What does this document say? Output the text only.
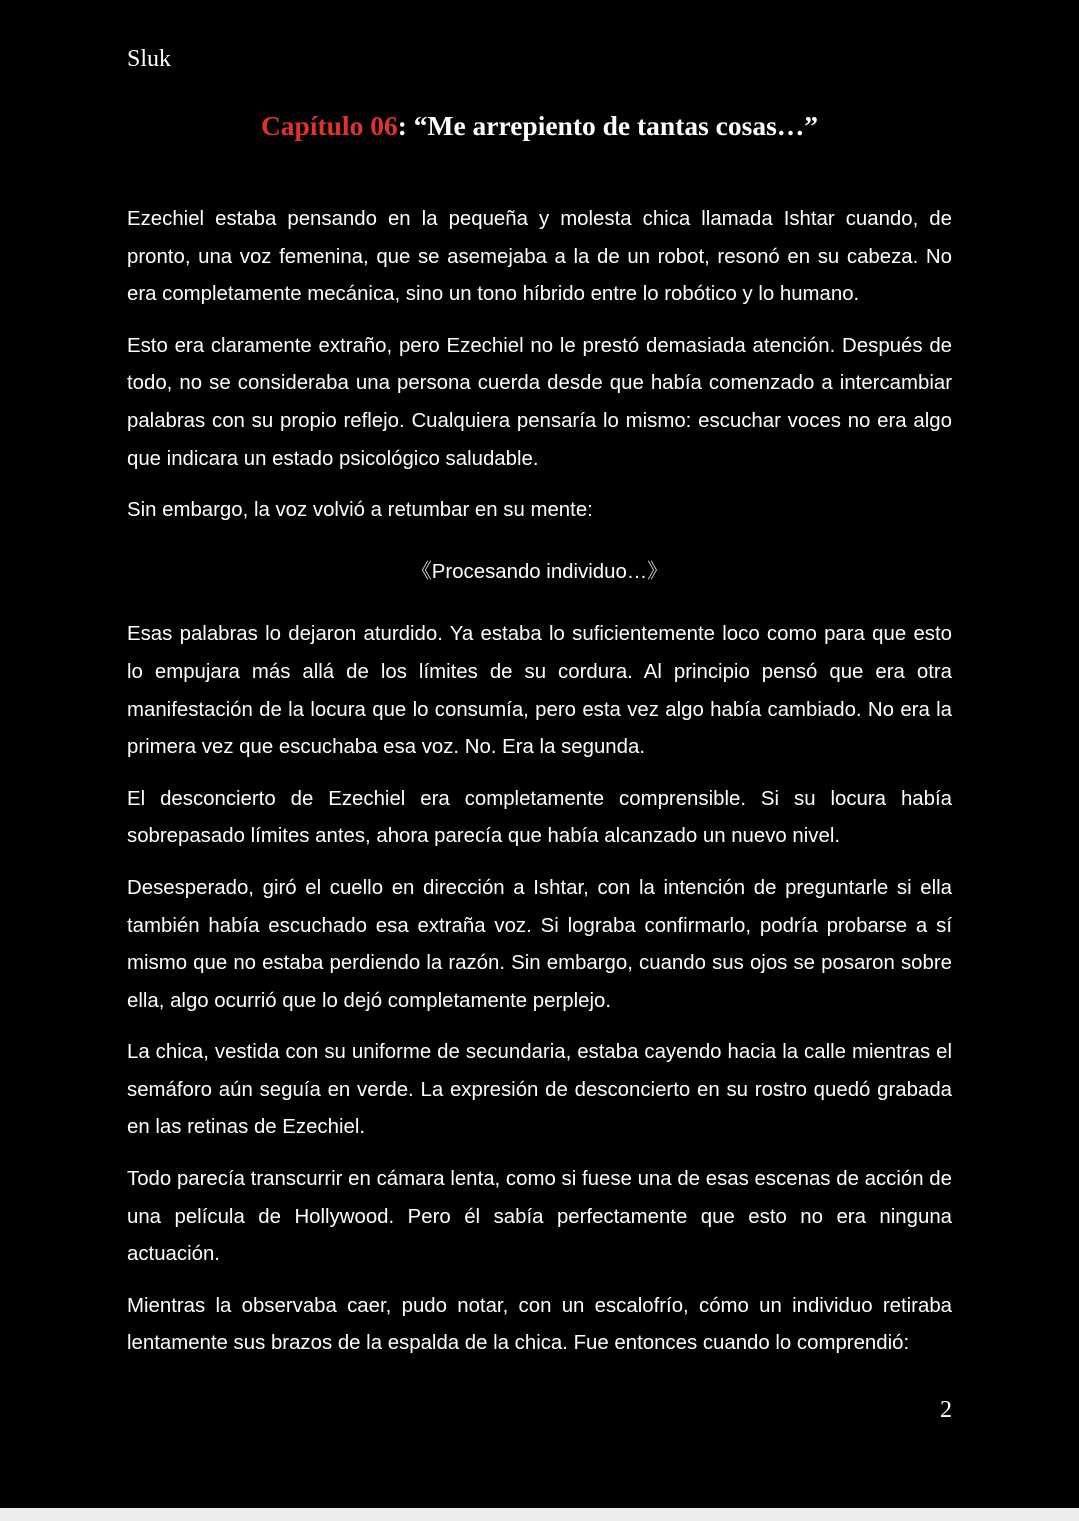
Sluk
Capítulo 06: “Me arrepiento de tantas cosas…”

Ezechiel estaba pensando en la pequeña y molesta chica llamada Ishtar cuando, de pronto, una voz femenina, que se asemejaba a la de un robot, resonó en su cabeza. No era completamente mecánica, sino un tono híbrido entre lo robótico y lo humano.

Esto era claramente extraño, pero Ezechiel no le prestó demasiada atención. Después de todo, no se consideraba una persona cuerda desde que había comenzado a intercambiar palabras con su propio reflejo. Cualquiera pensaría lo mismo: escuchar voces no era algo que indicara un estado psicológico saludable.

Sin embargo, la voz volvió a retumbar en su mente:

《Procesando individuo…》

Esas palabras lo dejaron aturdido. Ya estaba lo suficientemente loco como para que esto lo empujara más allá de los límites de su cordura. Al principio pensó que era otra manifestación de la locura que lo consumía, pero esta vez algo había cambiado. No era la primera vez que escuchaba esa voz. No. Era la segunda.

El desconcierto de Ezechiel era completamente comprensible. Si su locura había sobrepasado límites antes, ahora parecía que había alcanzado un nuevo nivel.

Desesperado, giró el cuello en dirección a Ishtar, con la intención de preguntarle si ella también había escuchado esa extraña voz. Si lograba confirmarlo, podría probarse a sí mismo que no estaba perdiendo la razón. Sin embargo, cuando sus ojos se posaron sobre ella, algo ocurrió que lo dejó completamente perplejo.

La chica, vestida con su uniforme de secundaria, estaba cayendo hacia la calle mientras el semáforo aún seguía en verde. La expresión de desconcierto en su rostro quedó grabada en las retinas de Ezechiel.

Todo parecía transcurrir en cámara lenta, como si fuese una de esas escenas de acción de una película de Hollywood. Pero él sabía perfectamente que esto no era ninguna actuación.

Mientras la observaba caer, pudo notar, con un escalofrío, cómo un individuo retiraba lentamente sus brazos de la espalda de la chica. Fue entonces cuando lo comprendió:

2
